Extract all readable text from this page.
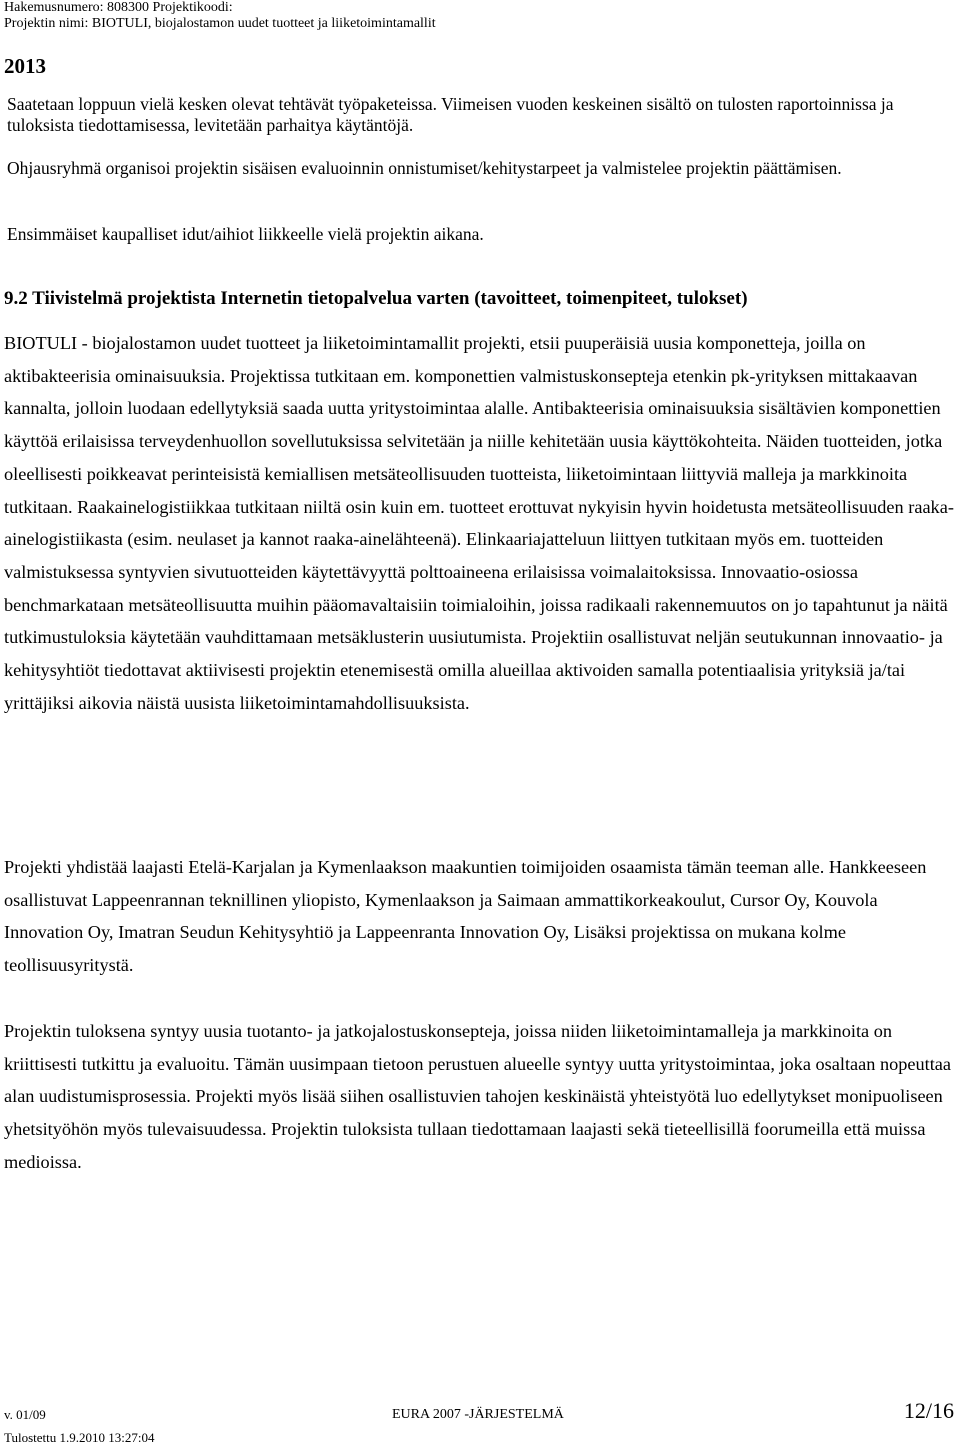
Hakemusnumero: 808300 Projektikoodi:
Projektin nimi: BIOTULI, biojalostamon uudet tuotteet ja liiketoimintamallit
2013

Saatetaan loppuun vielä kesken olevat tehtävät työpaketeissa. Viimeisen vuoden keskeinen sisältö on tulosten raportoinnissa ja tuloksista tiedottamisessa, levitetään parhaitya käytäntöjä.

Ohjausryhmä organisoi projektin sisäisen evaluoinnin onnistumiset/kehitystarpeet ja valmistelee projektin päättämisen.

Ensimmäiset kaupalliset idut/aihiot liikkeelle vielä projektin aikana.

9.2 Tiivistelmä projektista Internetin tietopalvelua varten (tavoitteet, toimenpiteet, tulokset)

BIOTULI - biojalostamon uudet tuotteet ja liiketoimintamallit projekti, etsii puuperäisiä uusia komponetteja, joilla on aktibakteerisia ominaisuuksia. Projektissa tutkitaan em. komponettien valmistuskonsepteja etenkin pk-yrityksen mittakaavan kannalta, jolloin luodaan edellytyksiä saada uutta yritystoimintaa alalle. Antibakteerisia ominaisuuksia sisältävien komponettien käyttöä erilaisissa terveydenhuollon sovellutuksissa selvitetään ja niille kehitetään uusia käyttökohteita. Näiden tuotteiden, jotka oleellisesti poikkeavat perinteisistä kemiallisen metsäteollisuuden tuotteista, liiketoimintaan liittyviä malleja ja markkinoita tutkitaan. Raakainelogistiikkaa tutkitaan niiltä osin kuin em. tuotteet erottuvat nykyisin hyvin hoidetusta metsäteollisuuden raaka-ainelogistiikasta (esim. neulaset ja kannot raaka-ainelähteenä). Elinkaariajatteluun liittyen tutkitaan myös em. tuotteiden valmistuksessa syntyvien sivutuotteiden käytettävyyttä polttoaineena erilaisissa voimalaitoksissa. Innovaatio-osiossa benchmarkataan metsäteollisuutta muihin pääomavaltaisiin toimialoihin, joissa radikaali rakennemuutos on jo tapahtunut ja näitä tutkimustuloksia käytetään vauhdittamaan metsäklusterin uusiutumista. Projektiin osallistuvat neljän seutukunnan innovaatio- ja kehitysyhtiöt tiedottavat aktiivisesti projektin etenemisestä omilla alueillaa aktivoiden samalla potentiaalisia yrityksiä ja/tai yrittäjiksi aikovia näistä uusista liiketoimintamahdollisuuksista.

Projekti yhdistää laajasti Etelä-Karjalan ja Kymenlaakson maakuntien toimijoiden osaamista tämän teeman alle. Hankkeeseen osallistuvat Lappeenrannan teknillinen yliopisto, Kymenlaakson ja Saimaan ammattikorkeakoulut, Cursor Oy, Kouvola Innovation Oy, Imatran Seudun Kehitysyhtiö ja Lappeenranta Innovation Oy, Lisäksi projektissa on mukana kolme teollisuusyritystä.

Projektin tuloksena syntyy uusia tuotanto- ja jatkojalostuskonsepteja, joissa niiden liiketoimintamalleja ja markkinoita on kriittisesti tutkittu ja evaluoitu. Tämän uusimpaan tietoon perustuen alueelle syntyy uutta yritystoimintaa, joka osaltaan nopeuttaa alan uudistumisprosessia. Projekti myös lisää siihen osallistuvien tahojen keskinäistä yhteistyötä luo edellytykset monipuoliseen yhetsityöhön myös tulevaisuudessa. Projektin tuloksista tullaan tiedottamaan laajasti sekä tieteellisillä foorumeilla että muissa medioissa.

v. 01/09	EURA 2007 -JÄRJESTELMÄ	12/16
Tulostettu 1.9.2010 13:27:04
